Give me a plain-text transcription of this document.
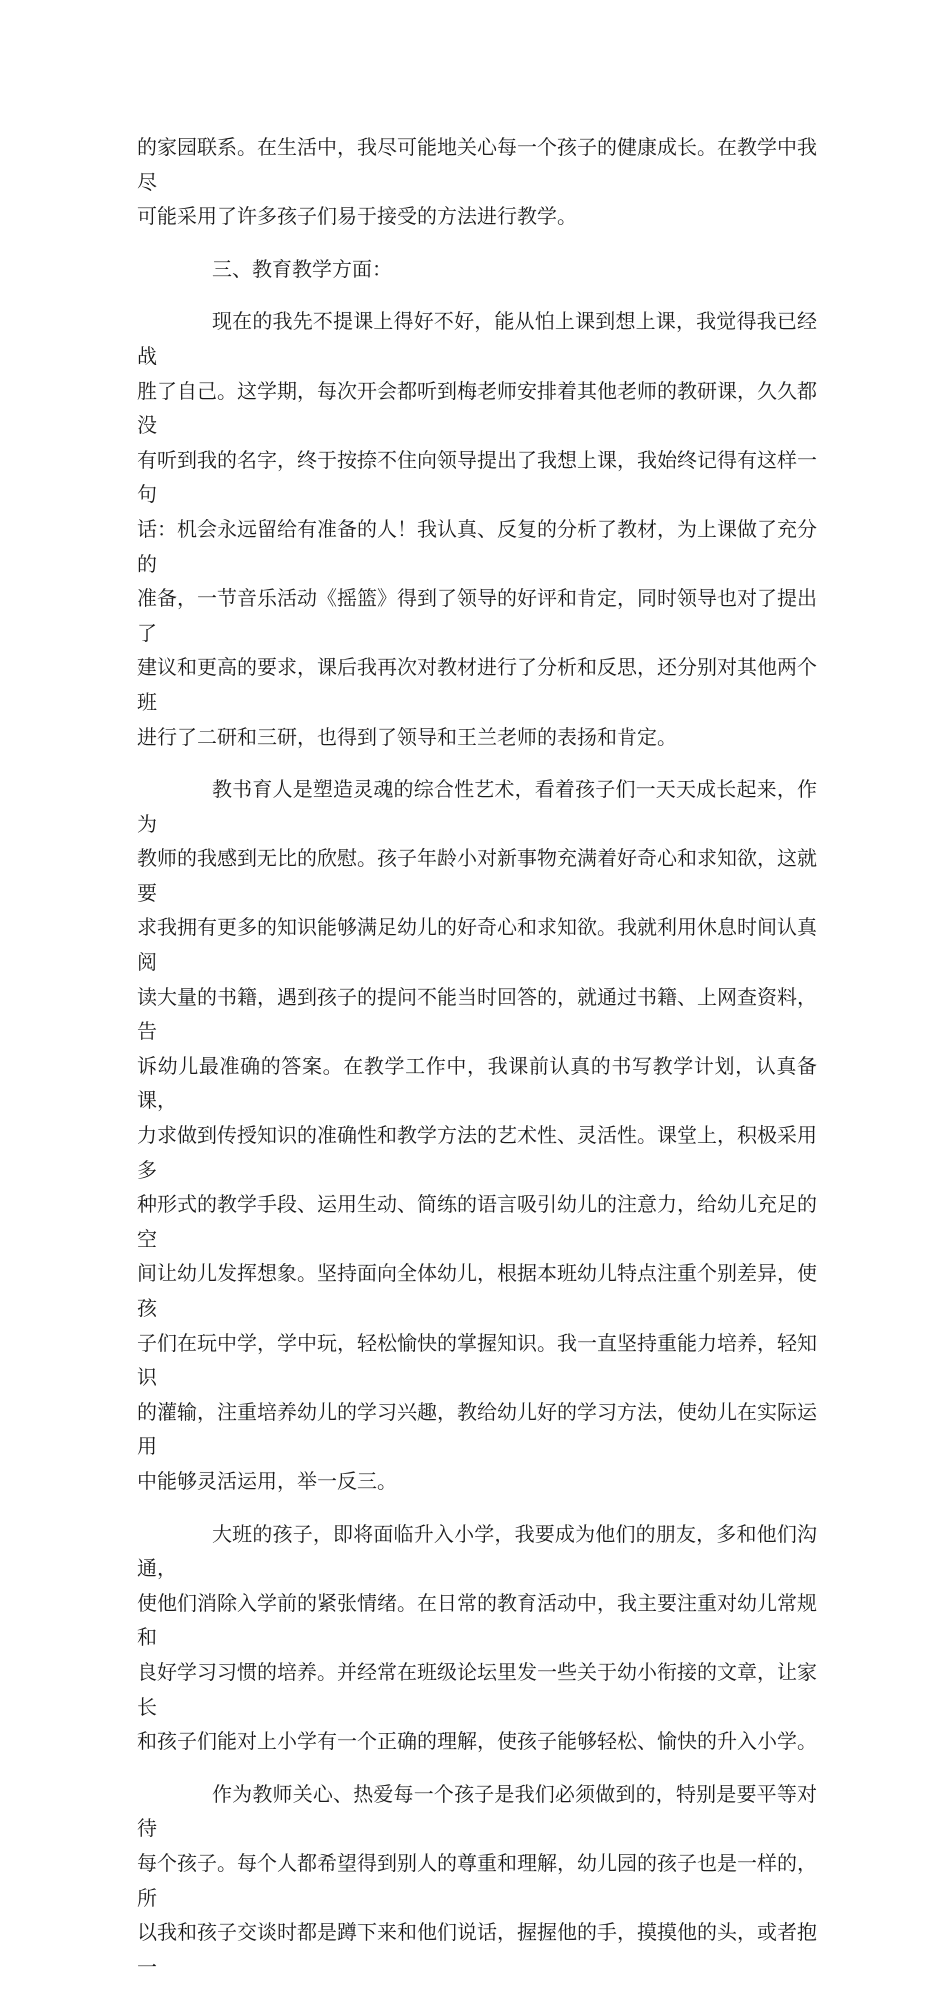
的家园联系。在生活中，我尽可能地关心每一个孩子的健康成长。在教学中我尽
可能采用了许多孩子们易于接受的方法进行教学。

三、教育教学方面：

现在的我先不提课上得好不好，能从怕上课到想上课，我觉得我已经战
胜了自己。这学期，每次开会都听到梅老师安排着其他老师的教研课，久久都没
有听到我的名字，终于按捺不住向领导提出了我想上课，我始终记得有这样一句
话：机会永远留给有准备的人！我认真、反复的分析了教材，为上课做了充分的
准备，一节音乐活动《摇篮》得到了领导的好评和肯定，同时领导也对了提出了
建议和更高的要求，课后我再次对教材进行了分析和反思，还分别对其他两个班
进行了二研和三研，也得到了领导和王兰老师的表扬和肯定。

教书育人是塑造灵魂的综合性艺术，看着孩子们一天天成长起来，作为
教师的我感到无比的欣慰。孩子年龄小对新事物充满着好奇心和求知欲，这就要
求我拥有更多的知识能够满足幼儿的好奇心和求知欲。我就利用休息时间认真阅
读大量的书籍，遇到孩子的提问不能当时回答的，就通过书籍、上网查资料，告
诉幼儿最准确的答案。在教学工作中，我课前认真的书写教学计划，认真备课，
力求做到传授知识的准确性和教学方法的艺术性、灵活性。课堂上，积极采用多
种形式的教学手段、运用生动、简练的语言吸引幼儿的注意力，给幼儿充足的空
间让幼儿发挥想象。坚持面向全体幼儿，根据本班幼儿特点注重个别差异，使孩
子们在玩中学，学中玩，轻松愉快的掌握知识。我一直坚持重能力培养，轻知识
的灌输，注重培养幼儿的学习兴趣，教给幼儿好的学习方法，使幼儿在实际运用
中能够灵活运用，举一反三。

大班的孩子，即将面临升入小学，我要成为他们的朋友，多和他们沟通，
使他们消除入学前的紧张情绪。在日常的教育活动中，我主要注重对幼儿常规和
良好学习习惯的培养。并经常在班级论坛里发一些关于幼小衔接的文章，让家长
和孩子们能对上小学有一个正确的理解，使孩子能够轻松、愉快的升入小学。

作为教师关心、热爱每一个孩子是我们必须做到的，特别是要平等对待
每个孩子。每个人都希望得到别人的尊重和理解，幼儿园的孩子也是一样的，所
以我和孩子交谈时都是蹲下来和他们说话，握握他的手，摸摸他的头，或者抱一
